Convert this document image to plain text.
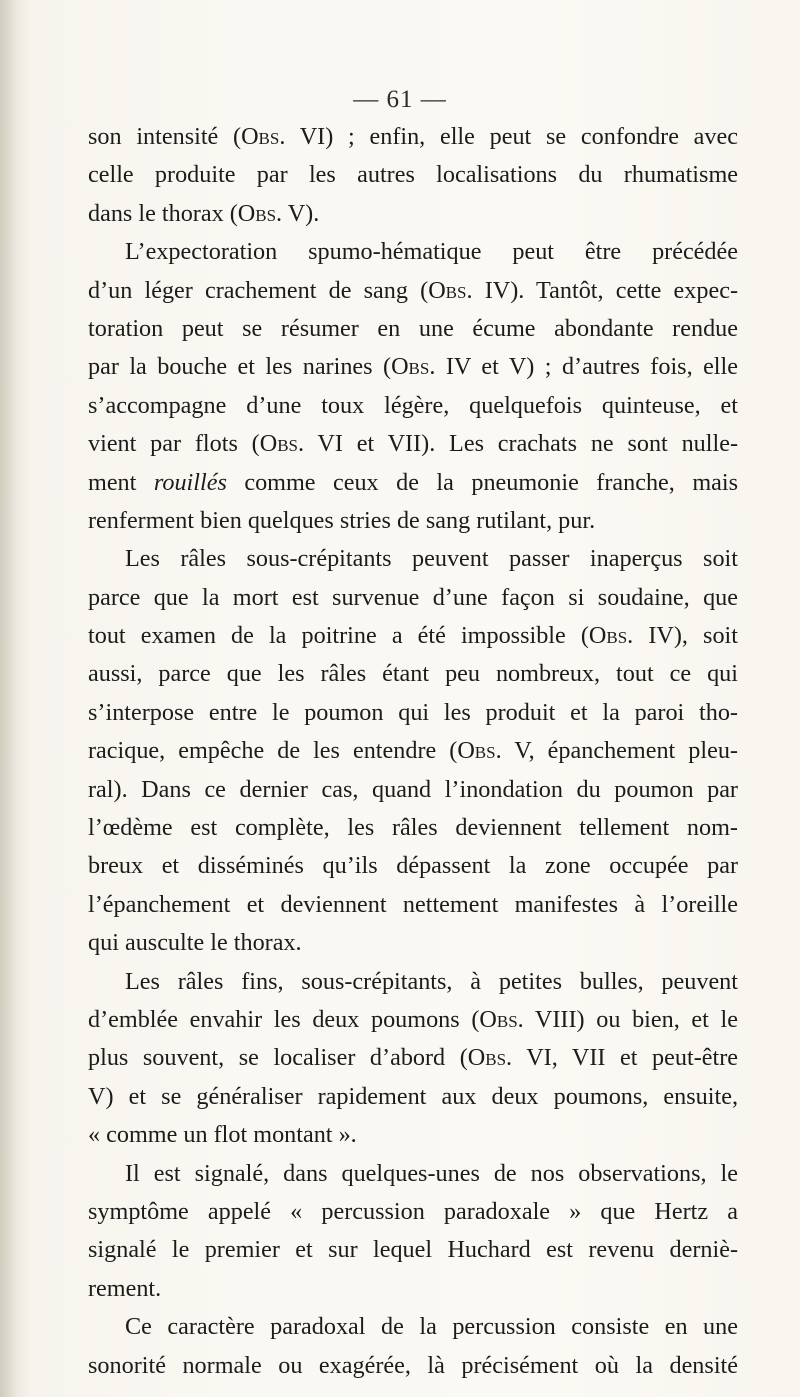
— 61 —
son intensité (Obs. VI) ; enfin, elle peut se confondre avec
celle produite par les autres localisations du rhumatisme
dans le thorax (Obs. V).
L’expectoration spumo-hématique peut être précédée
d’un léger crachement de sang (Obs. IV). Tantôt, cette expec-
toration peut se résumer en une écume abondante rendue
par la bouche et les narines (Obs. IV et V) ; d’autres fois, elle
s’accompagne d’une toux légère, quelquefois quinteuse, et
vient par flots (Obs. VI et VII). Les crachats ne sont nulle-
ment rouillés comme ceux de la pneumonie franche, mais
renferment bien quelques stries de sang rutilant, pur.
Les râles sous-crépitants peuvent passer inaperçus soit
parce que la mort est survenue d’une façon si soudaine, que
tout examen de la poitrine a été impossible (Obs. IV), soit
aussi, parce que les râles étant peu nombreux, tout ce qui
s’interpose entre le poumon qui les produit et la paroi tho-
racique, empêche de les entendre (Obs. V, épanchement pleu-
ral). Dans ce dernier cas, quand l’inondation du poumon par
l’œdème est complète, les râles deviennent tellement nom-
breux et disséminés qu’ils dépassent la zone occupée par
l’épanchement et deviennent nettement manifestes à l’oreille
qui ausculte le thorax.
Les râles fins, sous-crépitants, à petites bulles, peuvent
d’emblée envahir les deux poumons (Obs. VIII) ou bien, et le
plus souvent, se localiser d’abord (Obs. VI, VII et peut-être
V) et se généraliser rapidement aux deux poumons, ensuite,
« comme un flot montant ».
Il est signalé, dans quelques-unes de nos observations, le
symptôme appelé « percussion paradoxale » que Hertz a
signalé le premier et sur lequel Huchard est revenu derniè-
rement.
Ce caractère paradoxal de la percussion consiste en une
sonorité normale ou exagérée, là précisément où la densité
